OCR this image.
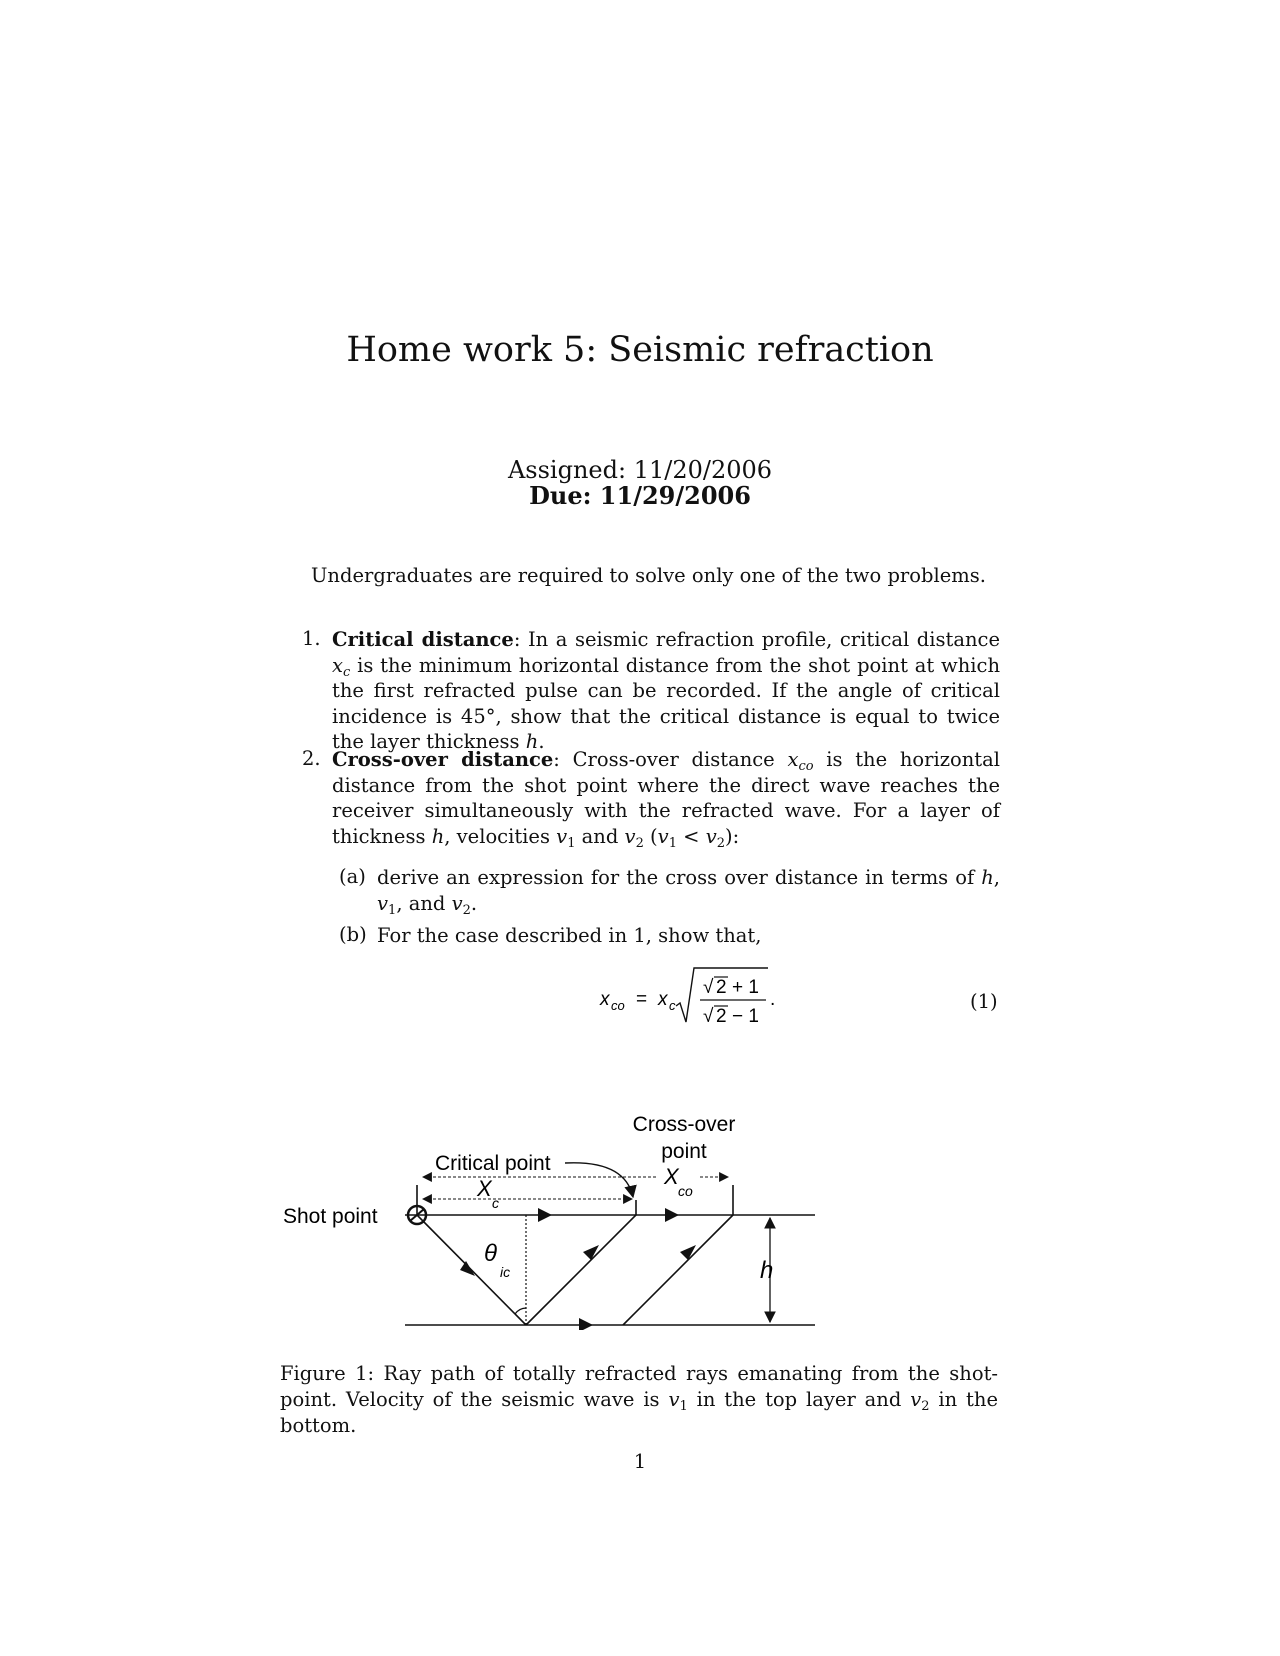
Home work 5: Seismic refraction
Assigned: 11/20/2006
Due: 11/29/2006
Undergraduates are required to solve only one of the two problems.
1. Critical distance: In a seismic refraction profile, critical distance $x_c$ is the minimum horizontal distance from the shot point at which the first refracted pulse can be recorded. If the angle of critical incidence is 45°, show that the critical distance is equal to twice the layer thickness h.
2. Cross-over distance: Cross-over distance $x_{co}$ is the horizontal distance from the shot point where the direct wave reaches the receiver simultaneously with the refracted wave. For a layer of thickness h, velocities $v_1$ and $v_2$ $(v_1 < v_2)$:
(a) derive an expression for the cross over distance in terms of h, $v_1$, and $v_2$.
(b) For the case described in 1, show that,
x co = x c
√ 2 + 1
√ 2 − 1
.	(1)
Shot point
Critical point
Cross-over
point
X
c
X
co
θ
ic	h
Figure 1: Ray path of totally refracted rays emanating from the shot-point. Velocity of the seismic wave is $v_1$ in the top layer and $v_2$ in the bottom.
1
